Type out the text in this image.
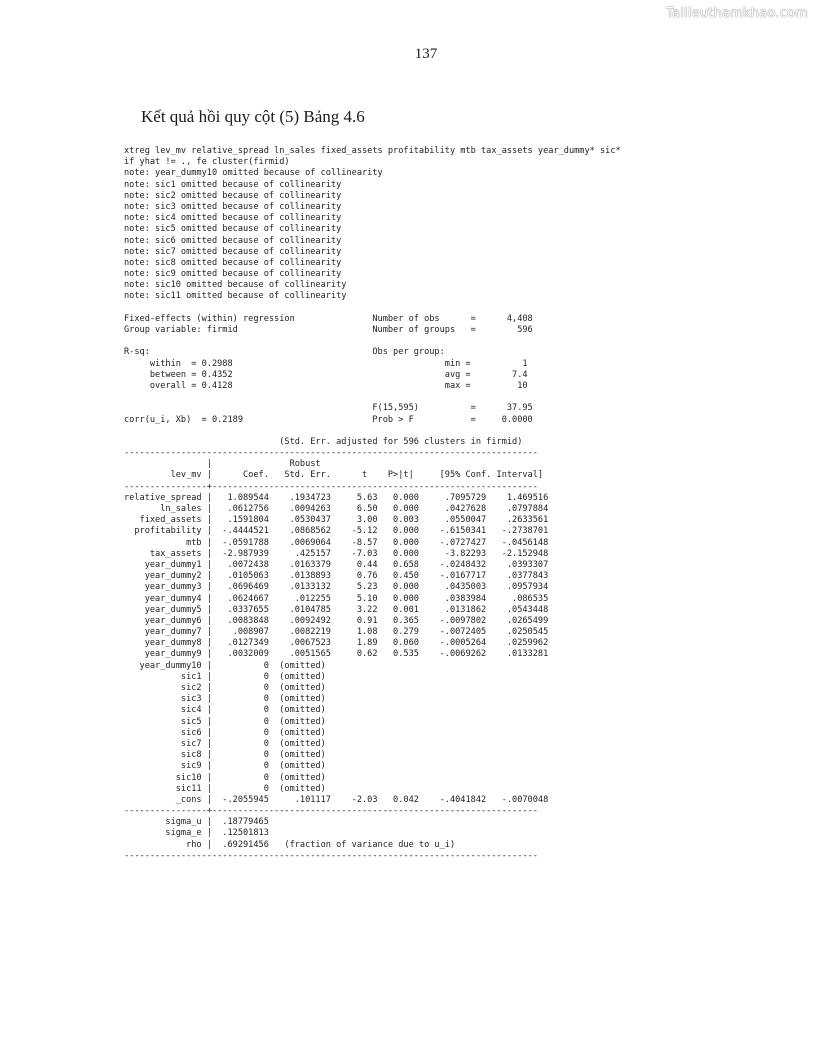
Tailieuthamkhao.com
137
Kết quả hồi quy cột (5) Bảng 4.6
xtreg lev_mv relative_spread ln_sales fixed_assets profitability mtb tax_assets year_dummy* sic*
if yhat != ., fe cluster(firmid)
note: year_dummy10 omitted because of collinearity
note: sic1 omitted because of collinearity
note: sic2 omitted because of collinearity
note: sic3 omitted because of collinearity
note: sic4 omitted because of collinearity
note: sic5 omitted because of collinearity
note: sic6 omitted because of collinearity
note: sic7 omitted because of collinearity
note: sic8 omitted because of collinearity
note: sic9 omitted because of collinearity
note: sic10 omitted because of collinearity
note: sic11 omitted because of collinearity
Fixed-effects (within) regression               Number of obs      =      4,408
Group variable: firmid                          Number of groups   =        596
R-sq:                                           Obs per group:
within  = 0.2988                                         min =          1
between = 0.4352                                         avg =        7.4
overall = 0.4128                                         max =         10
F(15,595)          =      37.95
corr(u_i, Xb)  = 0.2189                         Prob > F           =     0.0000
(Std. Err. adjusted for 596 clusters in firmid)
--------------------------------------------------------------------------------
|               Robust
lev_mv |      Coef.   Std. Err.      t    P>|t|     [95% Conf. Interval]
----------------+---------------------------------------------------------------
relative_spread |   1.089544    .1934723     5.63   0.000     .7095729    1.469516
ln_sales |   .0612756    .0094263     6.50   0.000     .0427628    .0797884
fixed_assets |   .1591804    .0530437     3.00   0.003     .0550047    .2633561
profitability |  -.4444521    .0868562    -5.12   0.000    -.6150341   -.2738701
mtb |  -.0591788    .0069064    -8.57   0.000    -.0727427   -.0456148
tax_assets |  -2.987939     .425157    -7.03   0.000     -3.82293   -2.152948
year_dummy1 |   .0072438    .0163379     0.44   0.658    -.0248432    .0393307
year_dummy2 |   .0105063    .0138893     0.76   0.450    -.0167717    .0377843
year_dummy3 |   .0696469    .0133132     5.23   0.000     .0435003    .0957934
year_dummy4 |   .0624667     .012255     5.10   0.000     .0383984     .086535
year_dummy5 |   .0337655    .0104785     3.22   0.001     .0131862    .0543448
year_dummy6 |   .0083848    .0092492     0.91   0.365    -.0097802    .0265499
year_dummy7 |    .008907    .0082219     1.08   0.279    -.0072405    .0250545
year_dummy8 |   .0127349    .0067523     1.89   0.060    -.0005264    .0259962
year_dummy9 |   .0032009    .0051565     0.62   0.535    -.0069262    .0133281
year_dummy10 |          0  (omitted)
sic1 |          0  (omitted)
sic2 |          0  (omitted)
sic3 |          0  (omitted)
sic4 |          0  (omitted)
sic5 |          0  (omitted)
sic6 |          0  (omitted)
sic7 |          0  (omitted)
sic8 |          0  (omitted)
sic9 |          0  (omitted)
sic10 |          0  (omitted)
sic11 |          0  (omitted)
_cons |  -.2055945     .101117    -2.03   0.042    -.4041842   -.0070048
----------------+---------------------------------------------------------------
sigma_u |  .18779465
sigma_e |  .12501813
rho |  .69291456   (fraction of variance due to u_i)
--------------------------------------------------------------------------------
